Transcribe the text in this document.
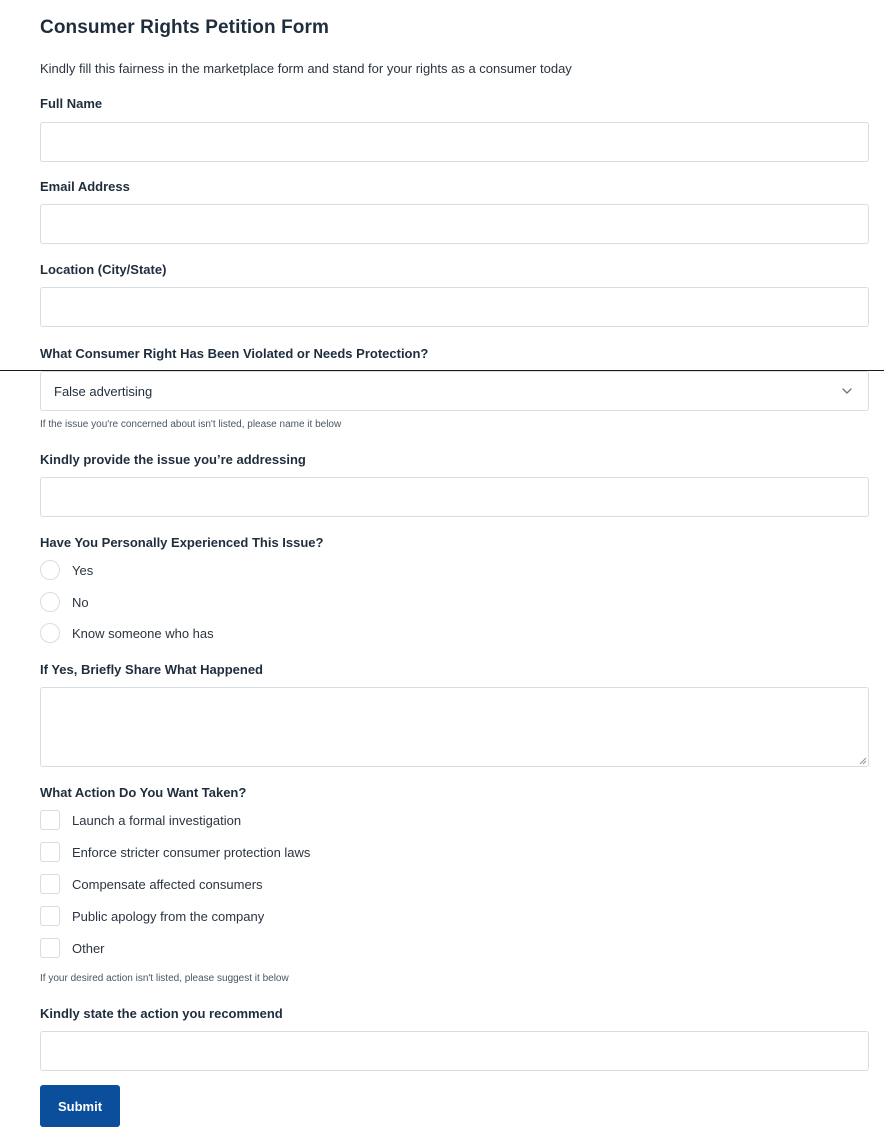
Consumer Rights Petition Form
Kindly fill this fairness in the marketplace form and stand for your rights as a consumer today
Full Name
Email Address
Location (City/State)
What Consumer Right Has Been Violated or Needs Protection?
False advertising
If the issue you're concerned about isn't listed, please name it below
Kindly provide the issue you’re addressing
Have You Personally Experienced This Issue?
Yes
No
Know someone who has
If Yes, Briefly Share What Happened
What Action Do You Want Taken?
Launch a formal investigation
Enforce stricter consumer protection laws
Compensate affected consumers
Public apology from the company
Other
If your desired action isn't listed, please suggest it below
Kindly state the action you recommend
Submit
